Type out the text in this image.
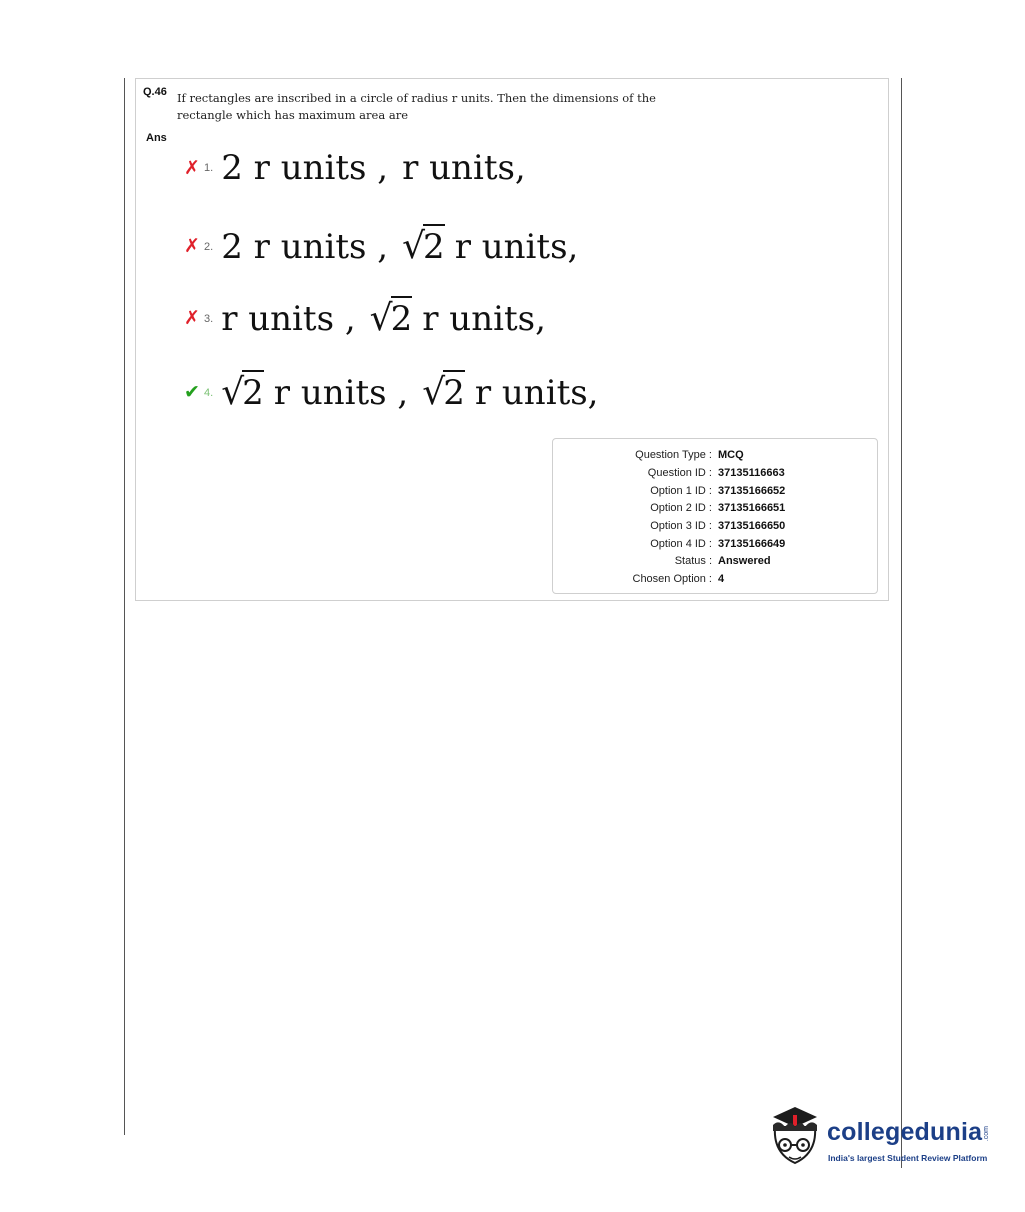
Q.46 If rectangles are inscribed in a circle of radius r units. Then the dimensions of the rectangle which has maximum area are
Ans
✗ 1. 2 r units , r units,
✗ 2. 2 r units , √2 r units,
✗ 3. r units , √2 r units,
✔ 4. √2 r units , √2 r units,
Question Type : MCQ
Question ID : 37135116663
Option 1 ID : 37135166652
Option 2 ID : 37135166651
Option 3 ID : 37135166650
Option 4 ID : 37135166649
Status : Answered
Chosen Option : 4
collegedunia .com
India's largest Student Review Platform
